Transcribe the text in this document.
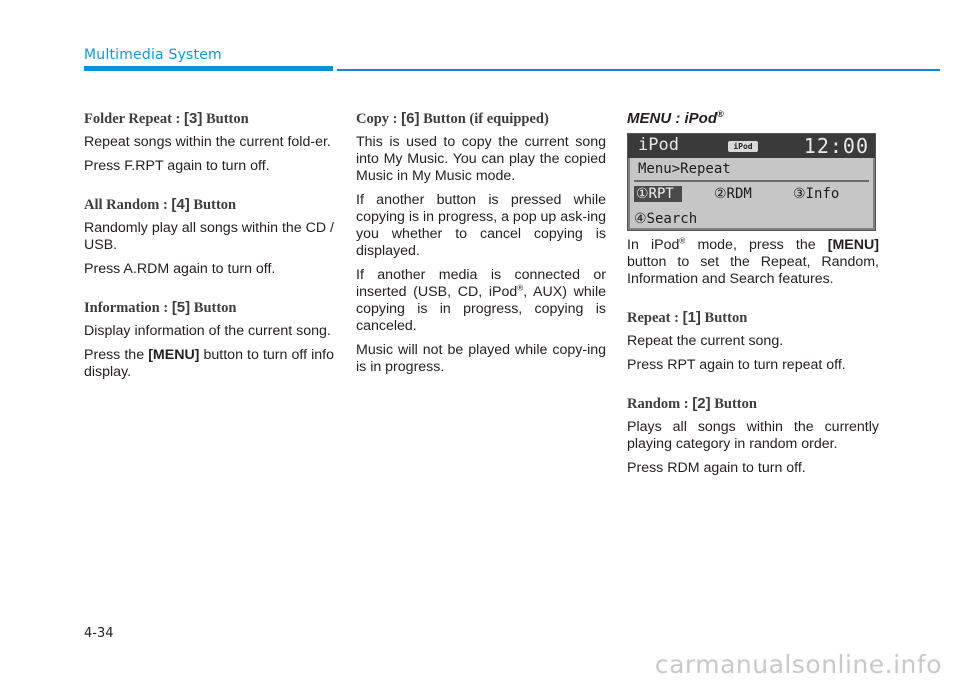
Multimedia System
Folder Repeat : [3] Button

Repeat songs within the current fold-er.

Press F.RPT again to turn off.

All Random : [4] Button

Randomly play all songs within the CD / USB.

Press A.RDM again to turn off.

Information : [5] Button

Display information of the current song.

Press the [MENU] button to turn off info display.

Copy : [6] Button (if equipped)

This is used to copy the current song into My Music. You can play the copied Music in My Music mode.

If another button is pressed while copying is in progress, a pop up ask-ing you whether to cancel copying is displayed.

If another media is connected or inserted (USB, CD, iPod®, AUX) while copying is in progress, copying is canceled.

Music will not be played while copy-ing is in progress.

MENU : iPod®
iPod	iPod	12:00
Menu>Repeat
①RPT	②RDM	③Info
④Search

In iPod® mode, press the [MENU] button to set the Repeat, Random, Information and Search features.

Repeat : [1] Button

Repeat the current song.

Press RPT again to turn repeat off.

Random : [2] Button

Plays all songs within the currently playing category in random order.

Press RDM again to turn off.

4-34
carmanualsonline.info
